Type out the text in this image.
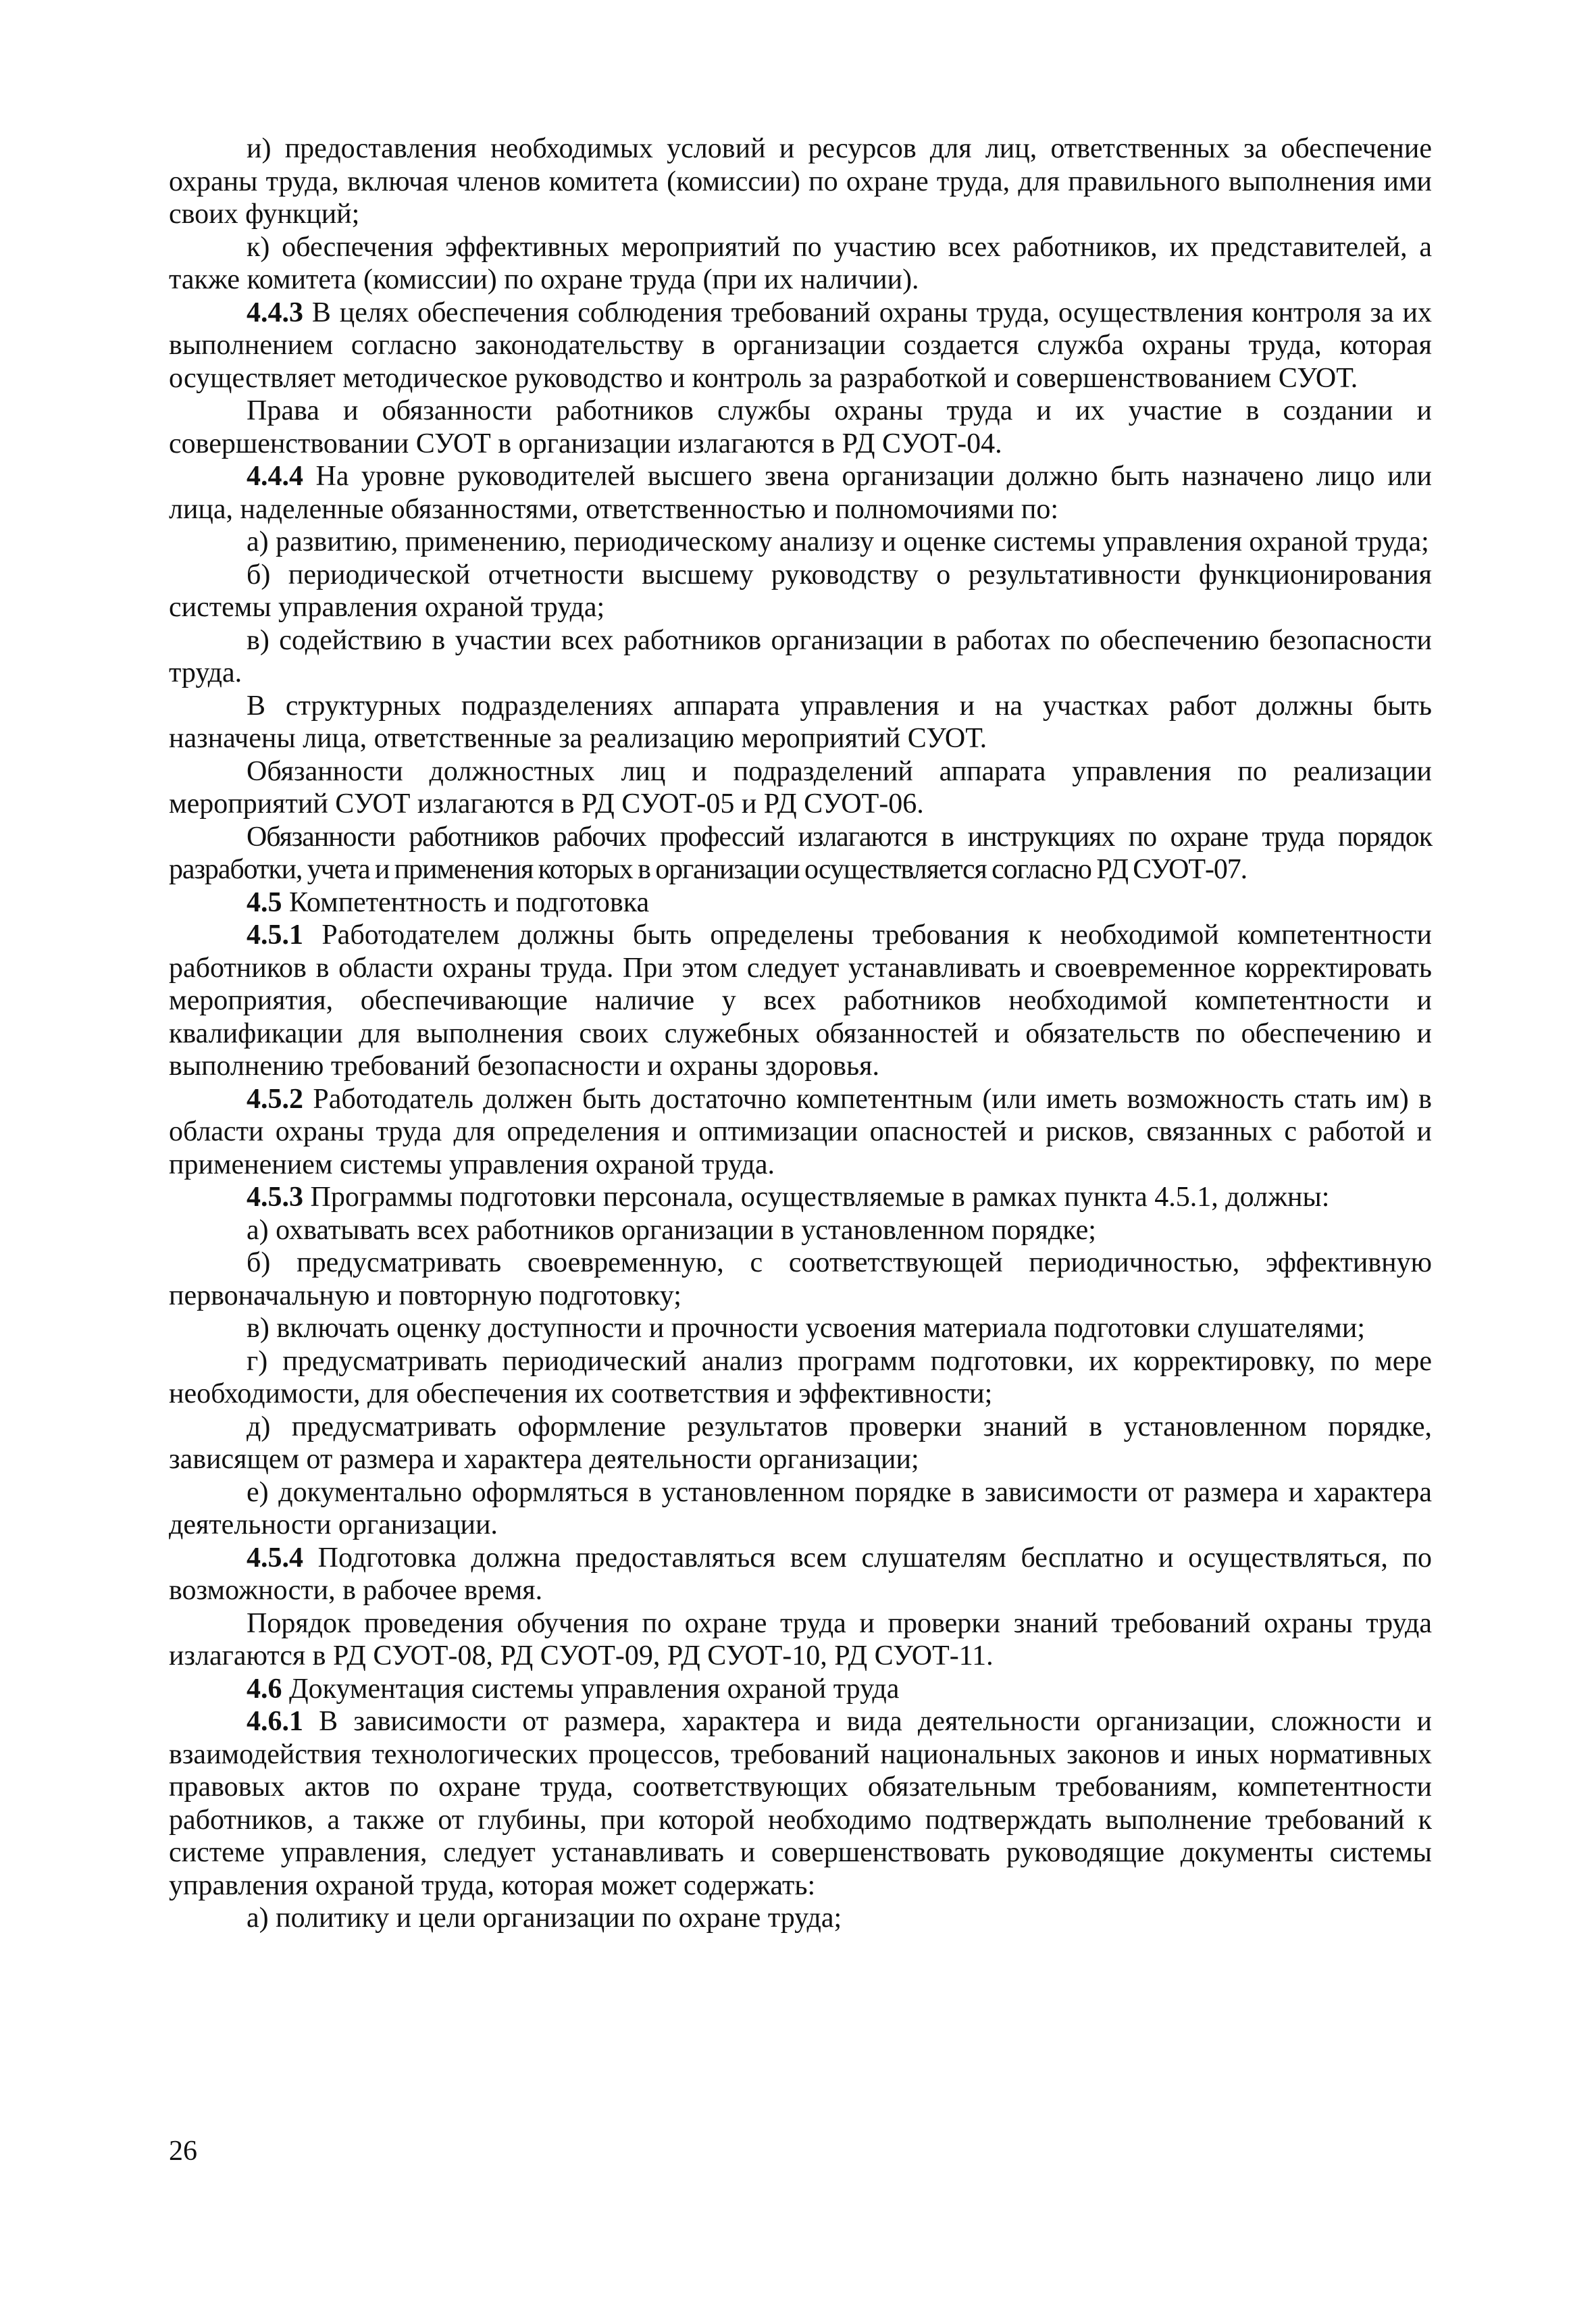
и) предоставления необходимых условий и ресурсов для лиц, ответственных за обеспечение охраны труда, включая членов комитета (комиссии) по охране труда, для правильного выполнения ими своих функций;

к) обеспечения эффективных мероприятий по участию всех работников, их представителей, а также комитета (комиссии) по охране труда (при их наличии).

4.4.3 В целях обеспечения соблюдения требований охраны труда, осуществления контроля за их выполнением согласно законодательству в организации создается служба охраны труда, которая осуществляет методическое руководство и контроль за разработкой и совершенствованием СУОТ.

Права и обязанности работников службы охраны труда и их участие в создании и совершенствовании СУОТ в организации излагаются в РД СУОТ-04.

4.4.4 На уровне руководителей высшего звена организации должно быть назначено лицо или лица, наделенные обязанностями, ответственностью и полномочиями по:

а) развитию, применению, периодическому анализу и оценке системы управления охраной труда;

б) периодической отчетности высшему руководству о результативности функционирования системы управления охраной труда;

в) содействию в участии всех работников организации в работах по обеспечению безопасности труда.

В структурных подразделениях аппарата управления и на участках работ должны быть назначены лица, ответственные за реализацию мероприятий СУОТ.

Обязанности должностных лиц и подразделений аппарата управления по реализации мероприятий СУОТ излагаются в РД СУОТ-05 и РД СУОТ-06.

Обязанности работников рабочих профессий излагаются в инструкциях по охране труда порядок разработки, учета и применения которых в организации осуществляется согласно РД СУОТ-07.

4.5 Компетентность и подготовка

4.5.1 Работодателем должны быть определены требования к необходимой компетентности работников в области охраны труда. При этом следует устанавливать и своевременное корректировать мероприятия, обеспечивающие наличие у всех работников необходимой компетентности и квалификации для выполнения своих служебных обязанностей и обязательств по обеспечению и выполнению требований безопасности и охраны здоровья.

4.5.2 Работодатель должен быть достаточно компетентным (или иметь возможность стать им) в области охраны труда для определения и оптимизации опасностей и рисков, связанных с работой и применением системы управления охраной труда.

4.5.3 Программы подготовки персонала, осуществляемые в рамках пункта 4.5.1, должны:

а) охватывать всех работников организации в установленном порядке;

б) предусматривать своевременную, с соответствующей периодичностью, эффективную первоначальную и повторную подготовку;

в) включать оценку доступности и прочности усвоения материала подготовки слушателями;

г) предусматривать периодический анализ программ подготовки, их корректировку, по мере необходимости, для обеспечения их соответствия и эффективности;

д) предусматривать оформление результатов проверки знаний в установленном порядке, зависящем от размера и характера деятельности организации;

е) документально оформляться в установленном порядке в зависимости от размера и характера деятельности организации.

4.5.4 Подготовка должна предоставляться всем слушателям бесплатно и осуществляться, по возможности, в рабочее время.

Порядок проведения обучения по охране труда и проверки знаний требований охраны труда излагаются в РД СУОТ-08, РД СУОТ-09, РД СУОТ-10, РД СУОТ-11.

4.6 Документация системы управления охраной труда

4.6.1 В зависимости от размера, характера и вида деятельности организации, сложности и взаимодействия технологических процессов, требований национальных законов и иных нормативных правовых актов по охране труда, соответствующих обязательным требованиям, компетентности работников, а также от глубины, при которой необходимо подтверждать выполнение требований к системе управления, следует устанавливать и совершенствовать руководящие документы системы управления охраной труда, которая может содержать:

а) политику и цели организации по охране труда;

26
